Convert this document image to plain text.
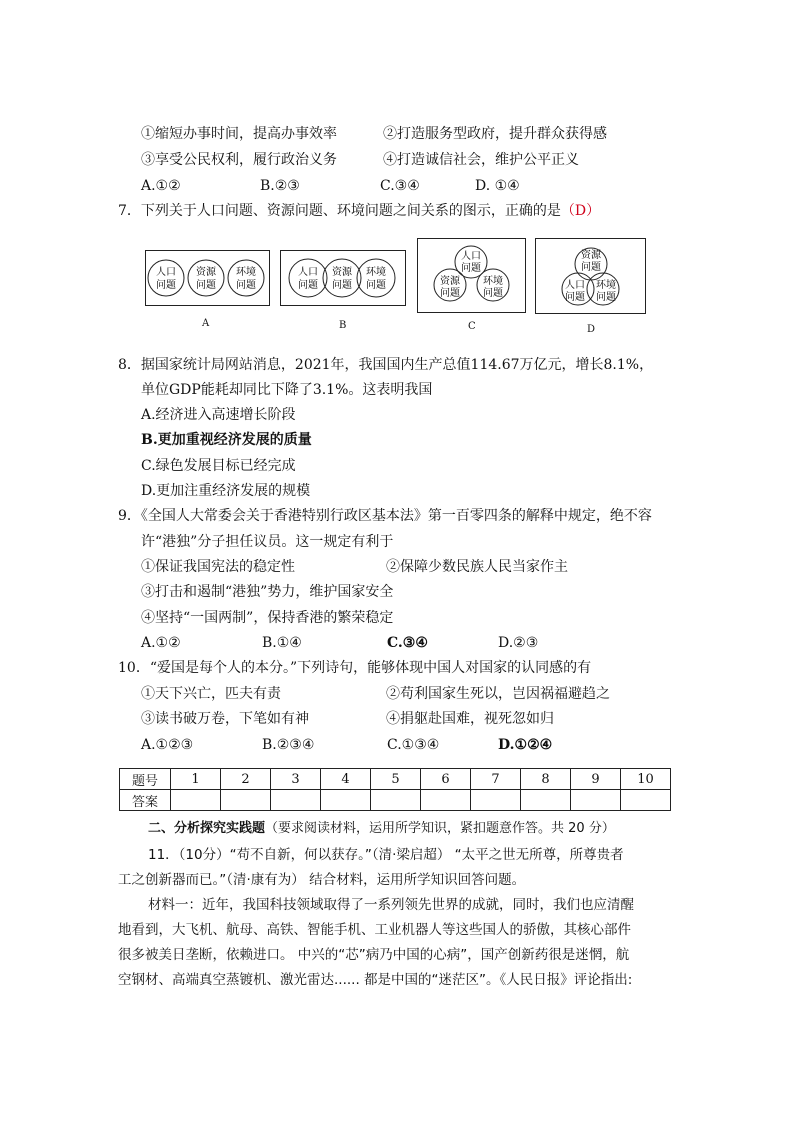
①缩短办事时间，提高办事效率	②打造服务型政府，提升群众获得感
③享受公民权利，履行政治义务	④打造诚信社会，维护公平正义
A.①②	B.②③	C.③④	D. ①④
7．下列关于人口问题、资源问题、环境问题之间关系的图示，正确的是（D）
人口
问题
资源
问题
环境
问题
A
人口
问题
资源
问题
环境
问题
B
人口
问题
资源
问题
环境
问题
C
资源
问题
人口
问题
环境
问题
D
8．据国家统计局网站消息，2021年，我国国内生产总值114.67万亿元，增长8.1%，
单位GDP能耗却同比下降了3.1%。这表明我国
A.经济进入高速增长阶段
B.更加重视经济发展的质量
C.绿色发展目标已经完成
D.更加注重经济发展的规模
9．《全国人大常委会关于香港特别行政区基本法》第一百零四条的解释中规定，绝不容
许“港独”分子担任议员。这一规定有利于
①保证我国宪法的稳定性	②保障少数民族人民当家作主
③打击和遏制“港独”势力，维护国家安全
④坚持“一国两制”，保持香港的繁荣稳定
A.①②	B.①④	C.③④	D.②③
10．“爱国是每个人的本分。”下列诗句，能够体现中国人对国家的认同感的有
①天下兴亡，匹夫有责	②苟利国家生死以，岂因祸福避趋之
③读书破万卷，下笔如有神	④捐躯赴国难，视死忽如归
A.①②③	B.②③④	C.①③④	D.①②④
题号	1	2	3	4	5	6	7	8	9	10
答案										
二、分析探究实践题（要求阅读材料，运用所学知识，紧扣题意作答。共 20 分）
11．（10分）“苟不自新，何以获存。”（清·梁启超） “太平之世无所尊，所尊贵者
工之创新器而已。”（清·康有为） 结合材料，运用所学知识回答问题。
材料一：近年，我国科技领域取得了一系列领先世界的成就，同时，我们也应清醒
地看到，大飞机、航母、高铁、智能手机、工业机器人等这些国人的骄傲，其核心部件
很多被美日垄断，依赖进口。 中兴的“芯”病乃中国的心病”，国产创新药很是迷惘，航
空钢材、高端真空蒸镀机、激光雷达...... 都是中国的“迷茫区”。《人民日报》评论指出:
